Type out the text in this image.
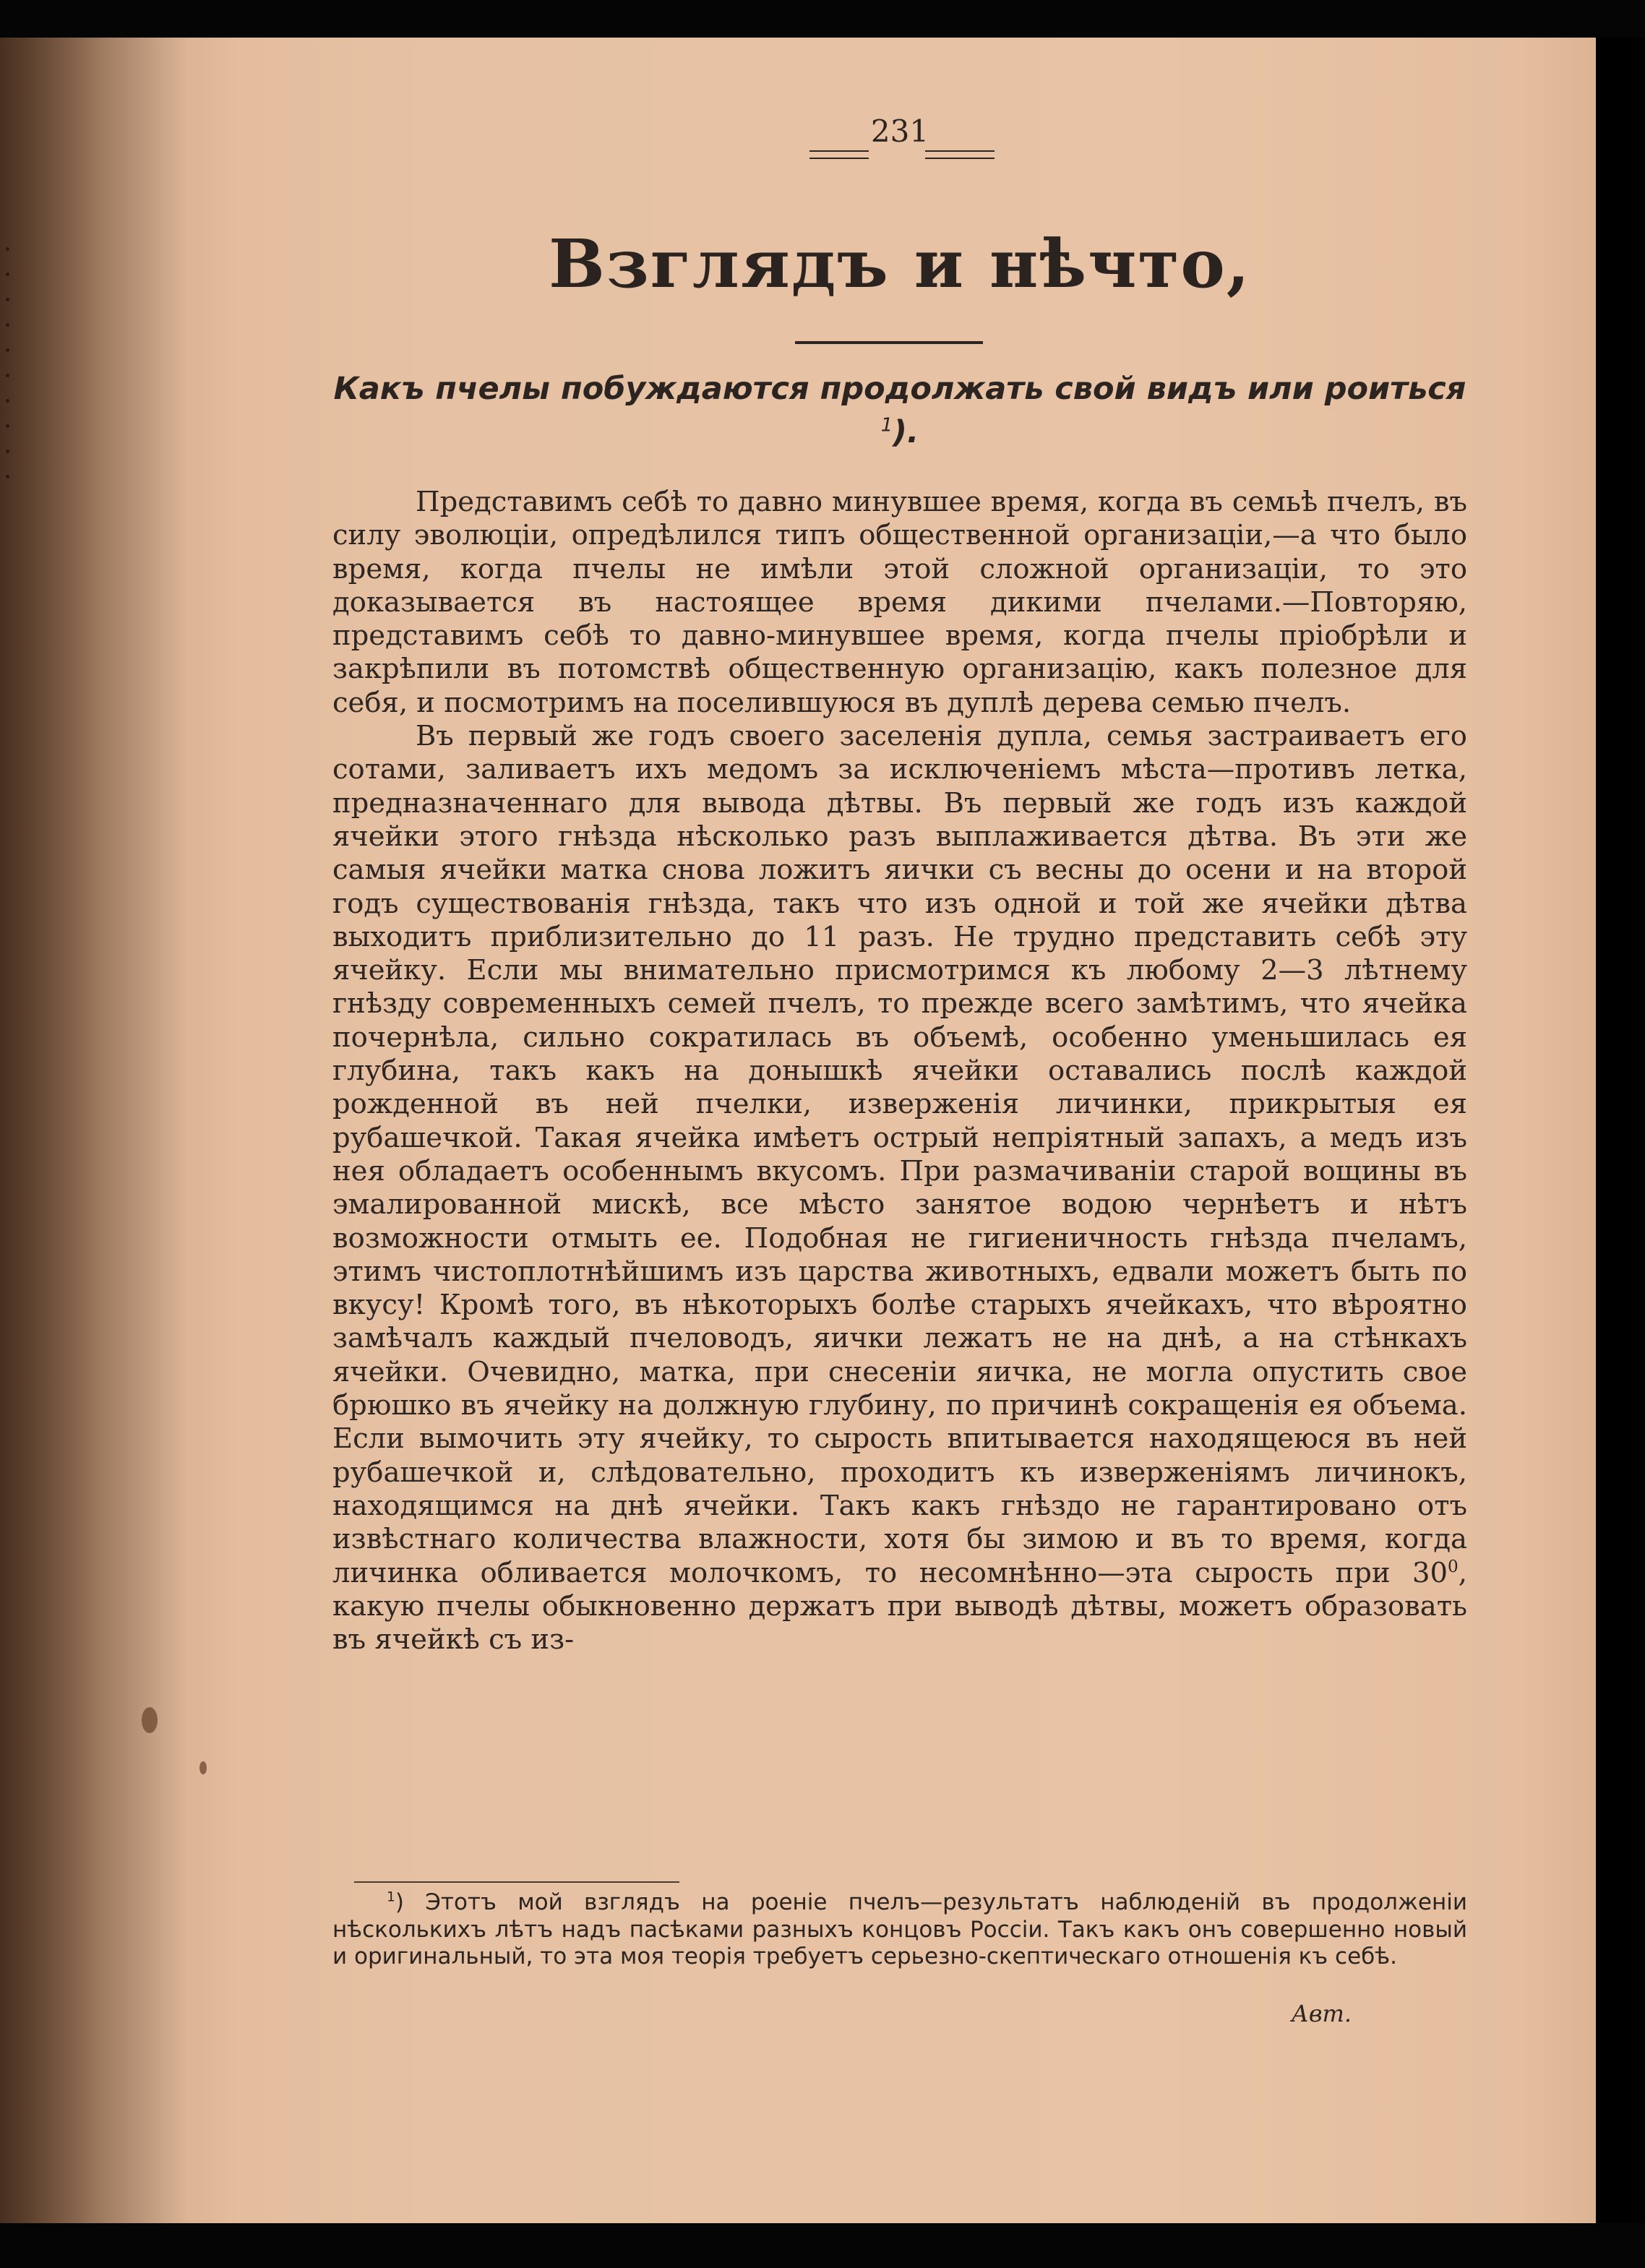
231
Взглядъ и нѣчто,
Какъ пчелы побуждаются продолжать свой видъ или роиться $^1$).

Представимъ себѣ то давно минувшее время, когда въ семьѣ пчелъ, въ силу эволюціи, опредѣлился типъ общественной организаціи,—а что было время, когда пчелы не имѣли этой сложной организаціи, то это доказывается въ настоящее время дикими пчелами.—Повторяю, представимъ себѣ то давно-минувшее время, когда пчелы пріобрѣли и закрѣпили въ потомствѣ общественную организацію, какъ полезное для себя, и посмотримъ на поселившуюся въ дуплѣ дерева семью пчелъ.

Въ первый же годъ своего заселенія дупла, семья застраиваетъ его сотами, заливаетъ ихъ медомъ за исключеніемъ мѣста—противъ летка, предназначеннаго для вывода дѣтвы. Въ первый же годъ изъ каждой ячейки этого гнѣзда нѣсколько разъ выплаживается дѣтва. Въ эти же самыя ячейки матка снова ложитъ яички съ весны до осени и на второй годъ существованія гнѣзда, такъ что изъ одной и той же ячейки дѣтва выходитъ приблизительно до 11 разъ. Не трудно представить себѣ эту ячейку. Если мы внимательно присмотримся къ любому 2—3 лѣтнему гнѣзду современныхъ семей пчелъ, то прежде всего замѣтимъ, что ячейка почернѣла, сильно сократилась въ объемѣ, особенно уменьшилась ея глубина, такъ какъ на донышкѣ ячейки оставались послѣ каждой рожденной въ ней пчелки, изверженія личинки, прикрытыя ея рубашечкой. Такая ячейка имѣетъ острый непріятный запахъ, а медъ изъ нея обладаетъ особеннымъ вкусомъ. При размачиваніи старой вощины въ эмалированной мискѣ, все мѣсто занятое водою чернѣетъ и нѣтъ возможности отмыть ее. Подобная не гигиеничность гнѣзда пчеламъ, этимъ чистоплотнѣйшимъ изъ царства животныхъ, едвали можетъ быть по вкусу! Кромѣ того, въ нѣкоторыхъ болѣе старыхъ ячейкахъ, что вѣроятно замѣчалъ каждый пчеловодъ, яички лежатъ не на днѣ, а на стѣнкахъ ячейки. Очевидно, матка, при снесеніи яичка, не могла опустить свое брюшко въ ячейку на должную глубину, по причинѣ сокращенія ея объема. Если вымочить эту ячейку, то сырость впитывается находящеюся въ ней рубашечкой и, слѣдовательно, проходитъ къ изверженіямъ личинокъ, находящимся на днѣ ячейки. Такъ какъ гнѣздо не гарантировано отъ извѣстнаго количества влажности, хотя бы зимою и въ то время, когда личинка обливается молочкомъ, то несомнѣнно—эта сырость при $30^0$, какую пчелы обыкновенно держатъ при выводѣ дѣтвы, можетъ образовать въ ячейкѣ съ из-

$^1$) Этотъ мой взглядъ на роеніе пчелъ—результатъ наблюденій въ продолженіи нѣсколькихъ лѣтъ надъ пасѣками разныхъ концовъ Россіи. Такъ какъ онъ совершенно новый и оригинальный, то эта моя теорія требуетъ серьезно-скептическаго отношенія къ себѣ.

Авт.
